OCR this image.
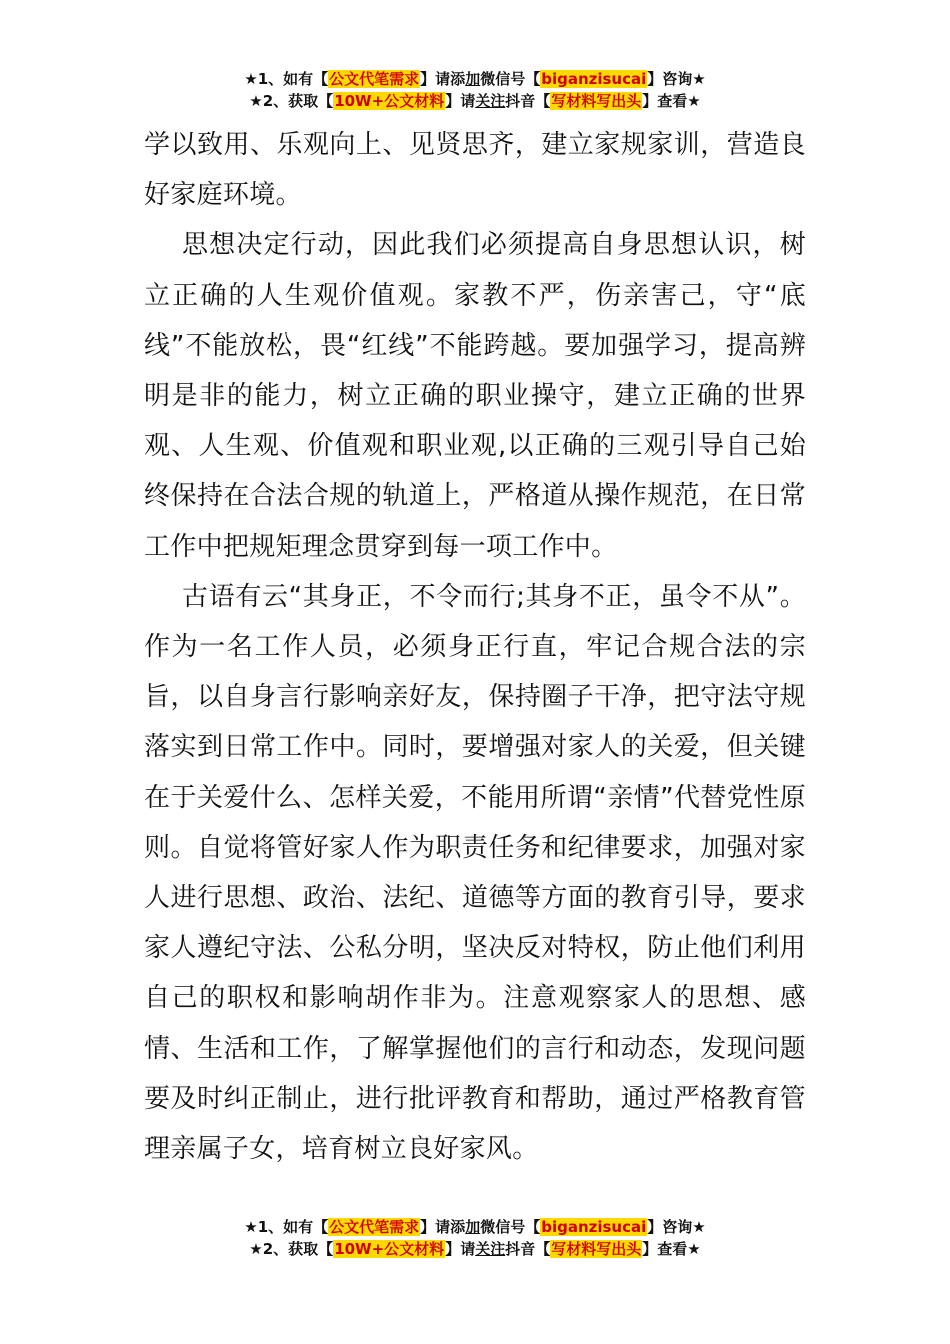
★1、如有【公文代笔需求】请添加微信号【biganzisucai】咨询★
★2、获取【10W+公文材料】请关注抖音【写材料写出头】查看★

学以致用、乐观向上、见贤思齐，建立家规家训，营造良好家庭环境。

思想决定行动，因此我们必须提高自身思想认识，树立正确的人生观价值观。家教不严，伤亲害己，守“底线”不能放松，畏“红线”不能跨越。要加强学习，提高辨明是非的能力，树立正确的职业操守，建立正确的世界观、人生观、价值观和职业观,以正确的三观引导自己始终保持在合法合规的轨道上，严格道从操作规范，在日常工作中把规矩理念贯穿到每一项工作中。

古语有云“其身正，不令而行;其身不正，虽令不从”。作为一名工作人员，必须身正行直，牢记合规合法的宗旨，以自身言行影响亲好友，保持圈子干净，把守法守规落实到日常工作中。同时，要增强对家人的关爱，但关键在于关爱什么、怎样关爱，不能用所谓“亲情”代替党性原则。自觉将管好家人作为职责任务和纪律要求，加强对家人进行思想、政治、法纪、道德等方面的教育引导，要求家人遵纪守法、公私分明，坚决反对特权，防止他们利用自己的职权和影响胡作非为。注意观察家人的思想、感情、生活和工作，了解掌握他们的言行和动态，发现问题要及时纠正制止，进行批评教育和帮助，通过严格教育管理亲属子女，培育树立良好家风。

★1、如有【公文代笔需求】请添加微信号【biganzisucai】咨询★
★2、获取【10W+公文材料】请关注抖音【写材料写出头】查看★
